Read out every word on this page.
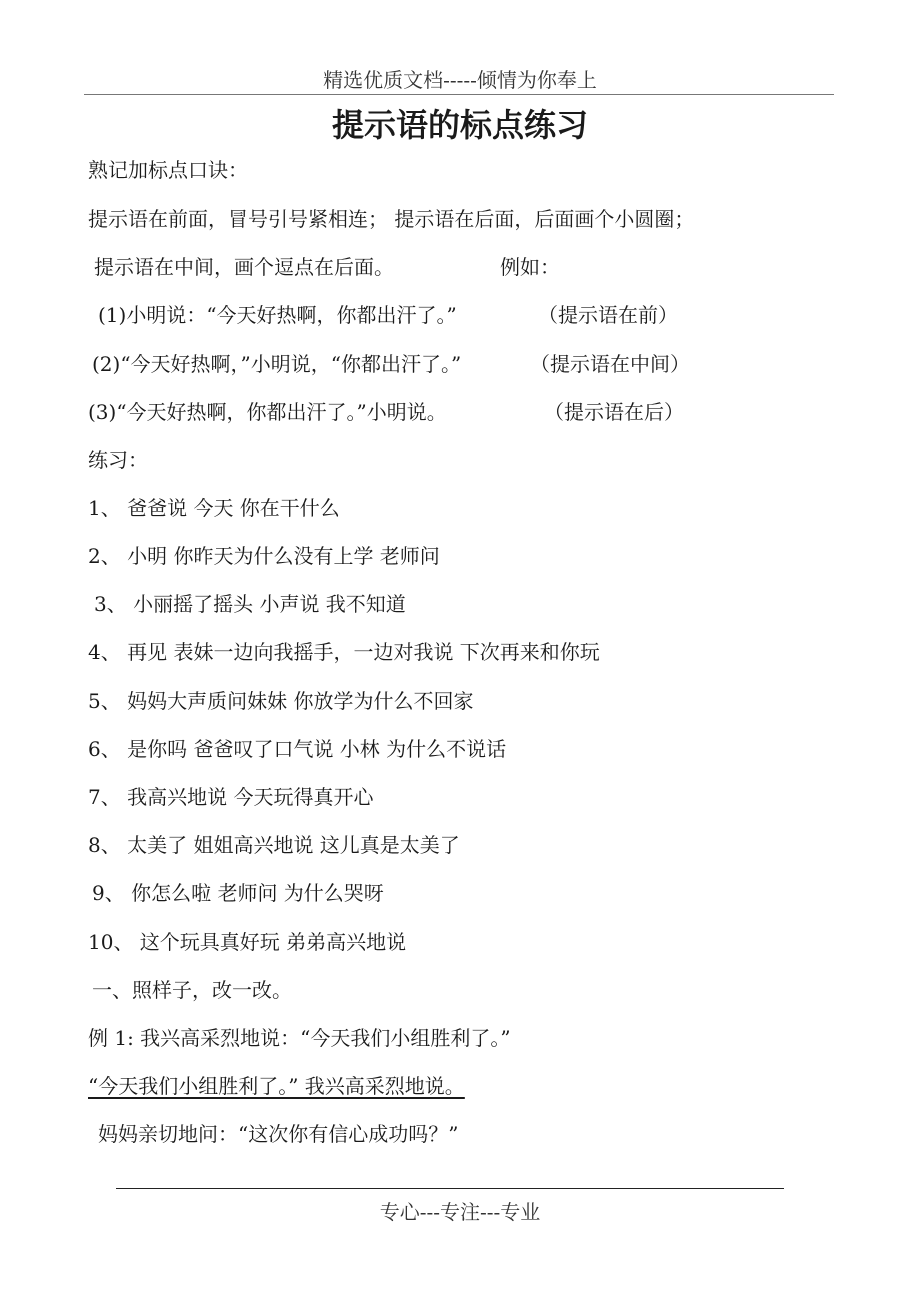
精选优质文档-----倾情为你奉上
提示语的标点练习
熟记加标点口诀：
提示语在前面，冒号引号紧相连； 提示语在后面，后面画个小圆圈；
提示语在中间，画个逗点在后面。	例如：
(1)小明说：“今天好热啊，你都出汗了。”	（提示语在前）
(2)“今天好热啊，”小明说，“你都出汗了。”	（提示语在中间）
(3)“今天好热啊，你都出汗了。”小明说。	（提示语在后）
练习：
1、 爸爸说 今天 你在干什么
2、 小明 你昨天为什么没有上学 老师问
3、 小丽摇了摇头 小声说 我不知道
4、 再见 表妹一边向我摇手，一边对我说 下次再来和你玩
5、 妈妈大声质问妹妹 你放学为什么不回家
6、 是你吗 爸爸叹了口气说 小林 为什么不说话
7、 我高兴地说 今天玩得真开心
8、 太美了 姐姐高兴地说 这儿真是太美了
9、 你怎么啦 老师问 为什么哭呀
10、 这个玩具真好玩 弟弟高兴地说
一、照样子，改一改。
例 1: 我兴高采烈地说：“今天我们小组胜利了。”
“今天我们小组胜利了。” 我兴高采烈地说。
妈妈亲切地问：“这次你有信心成功吗？”
专心---专注---专业
